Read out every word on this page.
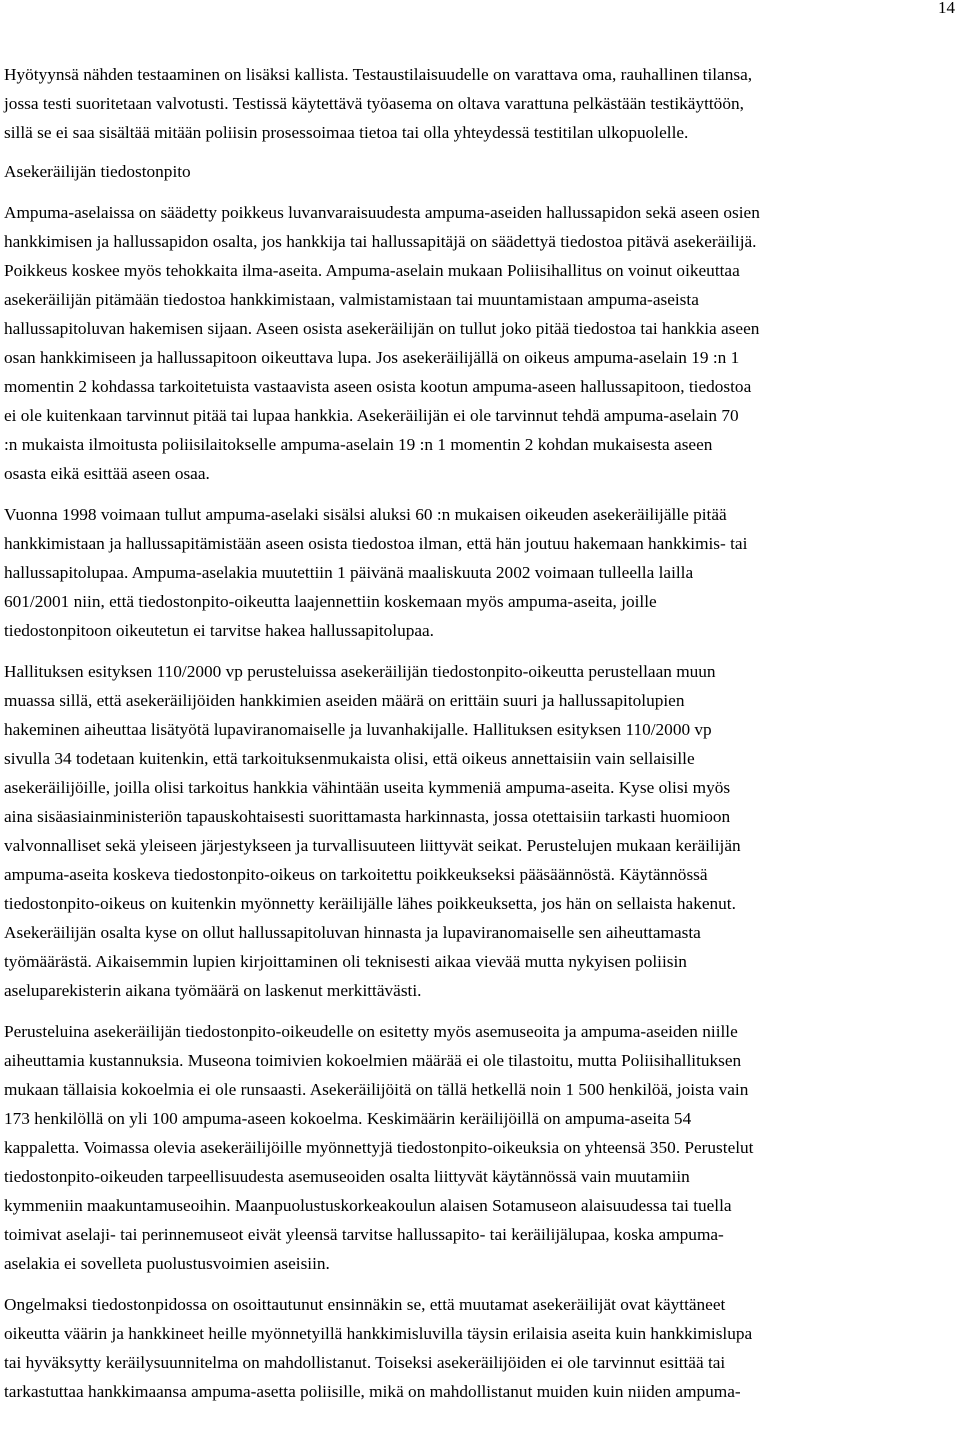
14
Hyötyynsä nähden testaaminen on lisäksi kallista. Testaustilaisuudelle on varattava oma, rauhallinen tilansa,
jossa testi suoritetaan valvotusti. Testissä käytettävä työasema on oltava varattuna pelkästään testikäyttöön,
sillä se ei saa sisältää mitään poliisin prosessoimaa tietoa tai olla yhteydessä testitilan ulkopuolelle.
Asekeräilijän tiedostonpito
Ampuma-aselaissa on säädetty poikkeus luvanvaraisuudesta ampuma-aseiden hallussapidon sekä aseen osien
hankkimisen ja hallussapidon osalta, jos hankkija tai hallussapitäjä on säädettyä tiedostoa pitävä asekeräilijä.
Poikkeus koskee myös tehokkaita ilma-aseita. Ampuma-aselain mukaan Poliisihallitus on voinut oikeuttaa
asekeräilijän pitämään tiedostoa hankkimistaan, valmistamistaan tai muuntamistaan ampuma-aseista
hallussapitoluvan hakemisen sijaan. Aseen osista asekeräilijän on tullut joko pitää tiedostoa tai hankkia aseen
osan hankkimiseen ja hallussapitoon oikeuttava lupa. Jos asekeräilijällä on oikeus ampuma-aselain 19 :n 1
momentin 2 kohdassa tarkoitetuista vastaavista aseen osista kootun ampuma-aseen hallussapitoon, tiedostoa
ei ole kuitenkaan tarvinnut pitää tai lupaa hankkia. Asekeräilijän ei ole tarvinnut tehdä ampuma-aselain 70
:n mukaista ilmoitusta poliisilaitokselle ampuma-aselain 19 :n 1 momentin 2 kohdan mukaisesta aseen
osasta eikä esittää aseen osaa.
Vuonna 1998 voimaan tullut ampuma-aselaki sisälsi aluksi 60 :n mukaisen oikeuden asekeräilijälle pitää
hankkimistaan ja hallussapitämistään aseen osista tiedostoa ilman, että hän joutuu hakemaan hankkimis- tai
hallussapitolupaa. Ampuma-aselakia muutettiin 1 päivänä maaliskuuta 2002 voimaan tulleella lailla
601/2001 niin, että tiedostonpito-oikeutta laajennettiin koskemaan myös ampuma-aseita, joille
tiedostonpitoon oikeutetun ei tarvitse hakea hallussapitolupaa.
Hallituksen esityksen 110/2000 vp perusteluissa asekeräilijän tiedostonpito-oikeutta perustellaan muun
muassa sillä, että asekeräilijöiden hankkimien aseiden määrä on erittäin suuri ja hallussapitolupien
hakeminen aiheuttaa lisätyötä lupaviranomaiselle ja luvanhakijalle. Hallituksen esityksen 110/2000 vp
sivulla 34 todetaan kuitenkin, että tarkoituksenmukaista olisi, että oikeus annettaisiin vain sellaisille
asekeräilijöille, joilla olisi tarkoitus hankkia vähintään useita kymmeniä ampuma-aseita. Kyse olisi myös
aina sisäasiainministeriön tapauskohtaisesti suorittamasta harkinnasta, jossa otettaisiin tarkasti huomioon
valvonnalliset sekä yleiseen järjestykseen ja turvallisuuteen liittyvät seikat. Perustelujen mukaan keräilijän
ampuma-aseita koskeva tiedostonpito-oikeus on tarkoitettu poikkeukseksi pääsäännöstä. Käytännössä
tiedostonpito-oikeus on kuitenkin myönnetty keräilijälle lähes poikkeuksetta, jos hän on sellaista hakenut.
Asekeräilijän osalta kyse on ollut hallussapitoluvan hinnasta ja lupaviranomaiselle sen aiheuttamasta
työmäärästä. Aikaisemmin lupien kirjoittaminen oli teknisesti aikaa vievää mutta nykyisen poliisin
aseluparekisterin aikana työmäärä on laskenut merkittävästi.
Perusteluina asekeräilijän tiedostonpito-oikeudelle on esitetty myös asemuseoita ja ampuma-aseiden niille
aiheuttamia kustannuksia. Museona toimivien kokoelmien määrää ei ole tilastoitu, mutta Poliisihallituksen
mukaan tällaisia kokoelmia ei ole runsaasti. Asekeräilijöitä on tällä hetkellä noin 1 500 henkilöä, joista vain
173 henkilöllä on yli 100 ampuma-aseen kokoelma. Keskimäärin keräilijöillä on ampuma-aseita 54
kappaletta. Voimassa olevia asekeräilijöille myönnettyjä tiedostonpito-oikeuksia on yhteensä 350. Perustelut
tiedostonpito-oikeuden tarpeellisuudesta asemuseoiden osalta liittyvät käytännössä vain muutamiin
kymmeniin maakuntamuseoihin. Maanpuolustuskorkeakoulun alaisen Sotamuseon alaisuudessa tai tuella
toimivat aselaji- tai perinnemuseot eivät yleensä tarvitse hallussapito- tai keräilijälupaa, koska ampuma-
aselakia ei sovelleta puolustusvoimien aseisiin.
Ongelmaksi tiedostonpidossa on osoittautunut ensinnäkin se, että muutamat asekeräilijät ovat käyttäneet
oikeutta väärin ja hankkineet heille myönnetyillä hankkimisluvilla täysin erilaisia aseita kuin hankkimislupa
tai hyväksytty keräilysuunnitelma on mahdollistanut. Toiseksi asekeräilijöiden ei ole tarvinnut esittää tai
tarkastuttaa hankkimaansa ampuma-asetta poliisille, mikä on mahdollistanut muiden kuin niiden ampuma-
